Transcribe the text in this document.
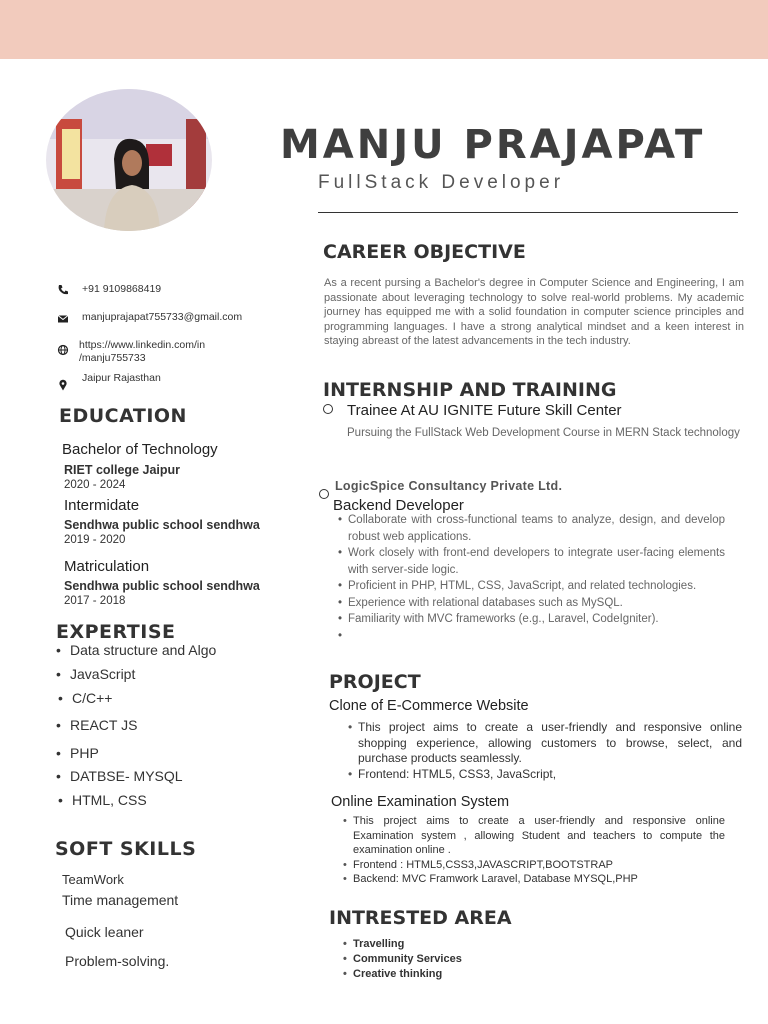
MANJU PRAJAPAT
FullStack Developer
+91 9109868419
manjuprajapat755733@gmail.com
https://www.linkedin.com/in
/manju755733
Jaipur Rajasthan
EDUCATION
Bachelor of Technology
RIET college Jaipur
2020 - 2024
Intermidate
Sendhwa public school sendhwa
2019 - 2020
Matriculation
Sendhwa public school sendhwa
2017 - 2018
EXPERTISE
• Data structure and Algo
• JavaScript
• C/C++
• REACT JS
• PHP
• DATBSE- MYSQL
• HTML, CSS
SOFT SKILLS
TeamWork
Time management
Quick leaner
Problem-solving.
CAREER OBJECTIVE
As a recent pursing a Bachelor's degree in Computer Science and Engineering, I am passionate about leveraging technology to solve real-world problems. My academic journey has equipped me with a solid foundation in computer science principles and programming languages. I have a strong analytical mindset and a keen interest in staying abreast of the latest advancements in the tech industry.
INTERNSHIP AND TRAINING
Trainee At AU IGNITE Future Skill Center
Pursuing the FullStack Web Development Course in MERN Stack technology
LogicSpice Consultancy Private Ltd.
Backend Developer
• Collaborate with cross-functional teams to analyze, design, and develop robust web applications.
• Work closely with front-end developers to integrate user-facing elements with server-side logic.
• Proficient in PHP, HTML, CSS, JavaScript, and related technologies.
• Experience with relational databases such as MySQL.
• Familiarity with MVC frameworks (e.g., Laravel, CodeIgniter).
•
PROJECT
Clone of E-Commerce Website
• This project aims to create a user-friendly and responsive online shopping experience, allowing customers to browse, select, and purchase products seamlessly.
• Frontend: HTML5, CSS3, JavaScript,
Online Examination System
• This project aims to create a user-friendly and responsive online Examination system , allowing Student and teachers to compute the examination online .
• Frontend : HTML5,CSS3,JAVASCRIPT,BOOTSTRAP
• Backend: MVC Framwork Laravel, Database MYSQL,PHP
INTRESTED AREA
• Travelling
• Community Services
• Creative thinking
